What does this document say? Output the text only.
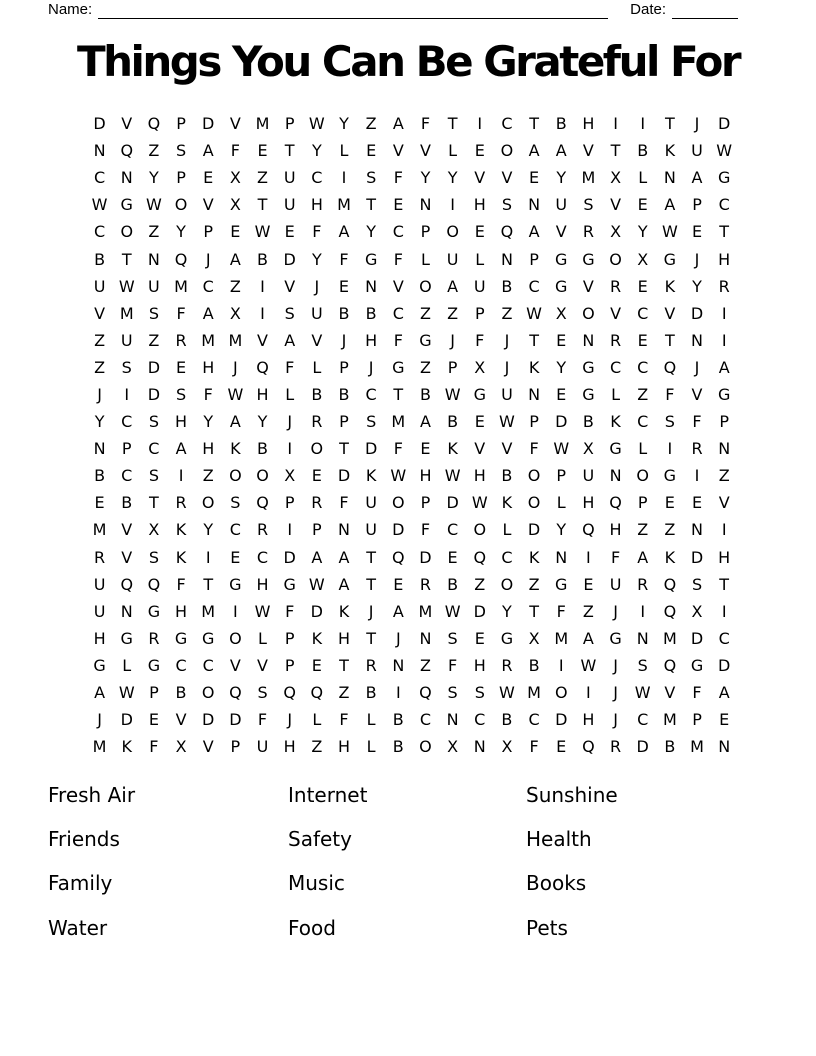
Name:	Date:
Things You Can Be Grateful For
D V Q P D V M P W Y Z A F T I C T B H I I T J D
N Q Z S A F E T Y L E V V L E O A A V T B K U W
C N Y P E X Z U C I S F Y Y V V E Y M X L N A G
W G W O V X T U H M T E N I H S N U S V E A P C
C O Z Y P E W E F A Y C P O E Q A V R X Y W E T
B T N Q J A B D Y F G F L U L N P G G O X G J H
U W U M C Z I V J E N V O A U B C G V R E K Y R
V M S F A X I S U B B C Z Z P Z W X O V C V D I
Z U Z R M M V A V J H F G J F J T E N R E T N I
Z S D E H J Q F L P J G Z P X J K Y G C C Q J A
J I D S F W H L B B C T B W G U N E G L Z F V G
Y C S H Y A Y J R P S M A B E W P D B K C S F P
N P C A H K B I O T D F E K V V F W X G L I R N
B C S I Z O O X E D K W H W H B O P U N O G I Z
E B T R O S Q P R F U O P D W K O L H Q P E E V
M V X K Y C R I P N U D F C O L D Y Q H Z Z N I
R V S K I E C D A A T Q D E Q C K N I F A K D H
U Q Q F T G H G W A T E R B Z O Z G E U R Q S T
U N G H M I W F D K J A M W D Y T F Z J I Q X I
H G R G G O L P K H T J N S E G X M A G N M D C
G L G C C V V P E T R N Z F H R B I W J S Q G D
A W P B O Q S Q Q Z B I Q S S W M O I J W V F A
J D E V D D F J L F L B C N C B C D H J C M P E
M K F X V P U H Z H L B O X N X F E Q R D B M N
Fresh Air
Friends
Family
Water
Internet
Safety
Music
Food
Sunshine
Health
Books
Pets
